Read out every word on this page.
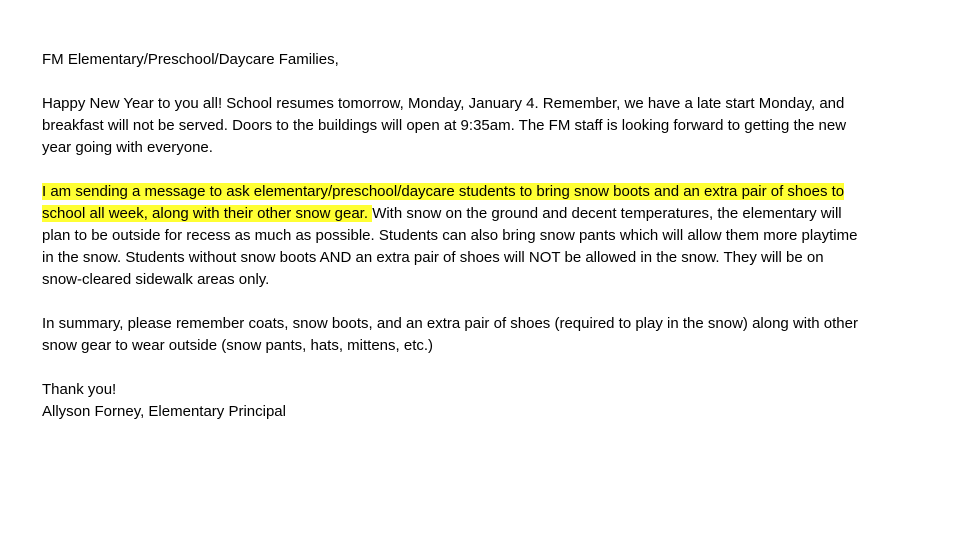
FM Elementary/Preschool/Daycare Families,

Happy New Year to you all! School resumes tomorrow, Monday, January 4. Remember, we have a late start Monday, and

breakfast will not be served. Doors to the buildings will open at 9:35am. The FM staff is looking forward to getting the new

year going with everyone.

I am sending a message to ask elementary/preschool/daycare students to bring snow boots and an extra pair of shoes to

school all week, along with their other snow gear. With snow on the ground and decent temperatures, the elementary will

plan to be outside for recess as much as possible. Students can also bring snow pants which will allow them more playtime

in the snow. Students without snow boots AND an extra pair of shoes will NOT be allowed in the snow. They will be on

snow-cleared sidewalk areas only.

In summary, please remember coats, snow boots, and an extra pair of shoes (required to play in the snow) along with other

snow gear to wear outside (snow pants, hats, mittens, etc.)

Thank you!

Allyson Forney, Elementary Principal
